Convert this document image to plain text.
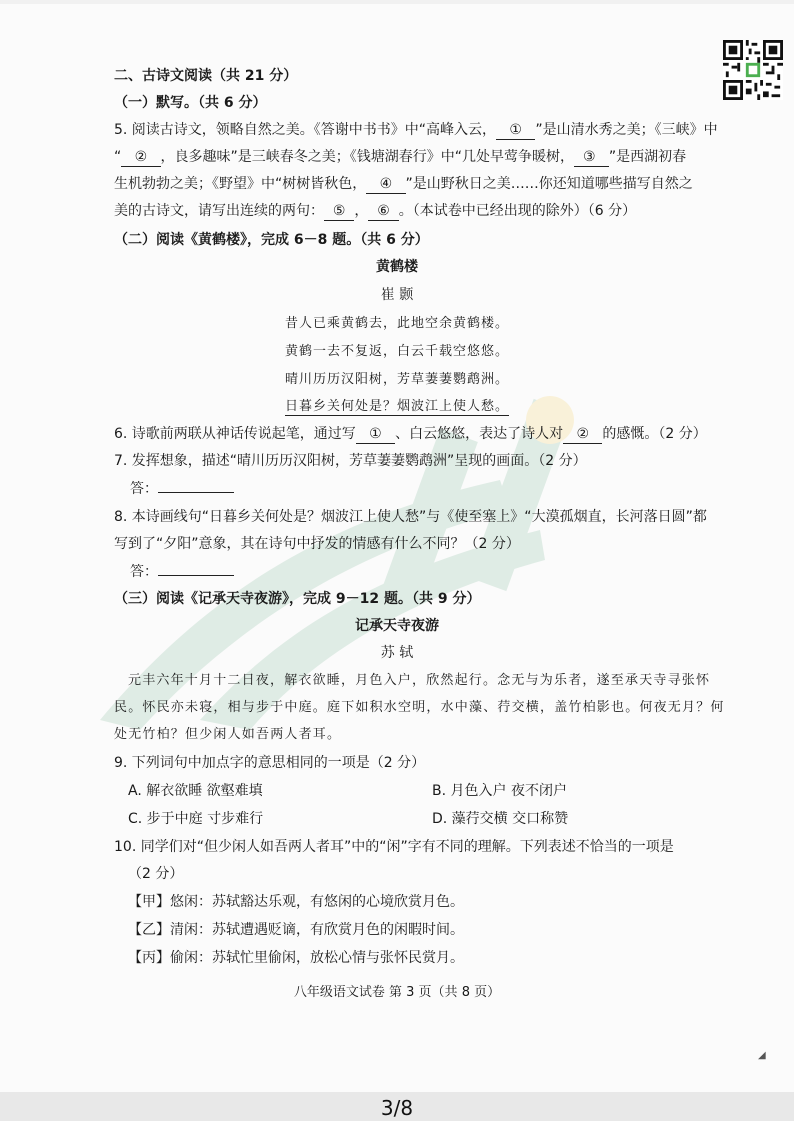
二、古诗文阅读（共 21 分）
（一）默写。（共 6 分）
5. 阅读古诗文，领略自然之美。《答谢中书书》中“高峰入云， ① ”是山清水秀之美；《三峡》中
“ ② ，良多趣味”是三峡春冬之美；《钱塘湖春行》中“几处早莺争暖树， ③ ”是西湖初春
生机勃勃之美；《野望》中“树树皆秋色， ④ ”是山野秋日之美……你还知道哪些描写自然之
美的古诗文，请写出连续的两句： ⑤ ， ⑥ 。（本试卷中已经出现的除外）（6 分）
（二）阅读《黄鹤楼》，完成 6－8 题。（共 6 分）
黄鹤楼
崔 颢
昔人已乘黄鹤去，此地空余黄鹤楼。
黄鹤一去不复返，白云千载空悠悠。
晴川历历汉阳树，芳草萋萋鹦鹉洲。
日暮乡关何处是？烟波江上使人愁。
6. 诗歌前两联从神话传说起笔，通过写 ① 、白云悠悠，表达了诗人对 ② 的感慨。（2 分）
7. 发挥想象，描述“晴川历历汉阳树，芳草萋萋鹦鹉洲”呈现的画面。（2 分）
答：
8. 本诗画线句“日暮乡关何处是？烟波江上使人愁”与《使至塞上》“大漠孤烟直，长河落日圆”都
写到了“夕阳”意象，其在诗句中抒发的情感有什么不同？（2 分）
答：
（三）阅读《记承天寺夜游》，完成 9－12 题。（共 9 分）
记承天寺夜游
苏 轼
元丰六年十月十二日夜，解衣欲睡，月色入户，欣然起行。念无与为乐者，遂至承天寺寻张怀
民。怀民亦未寝，相与步于中庭。庭下如积水空明，水中藻、荇交横，盖竹柏影也。何夜无月？何
处无竹柏？但少闲人如吾两人者耳。
9. 下列词句中加点字的意思相同的一项是（2 分）
A. 解衣欲睡 欲壑难填	B. 月色入户 夜不闭户
C. 步于中庭 寸步难行	D. 藻荇交横 交口称赞
10. 同学们对“但少闲人如吾两人者耳”中的“闲”字有不同的理解。下列表述不恰当的一项是
（2 分）
【甲】悠闲：苏轼豁达乐观，有悠闲的心境欣赏月色。
【乙】清闲：苏轼遭遇贬谪，有欣赏月色的闲暇时间。
【丙】偷闲：苏轼忙里偷闲，放松心情与张怀民赏月。
八年级语文试卷 第 3 页（共 8 页）
◢
3/8
